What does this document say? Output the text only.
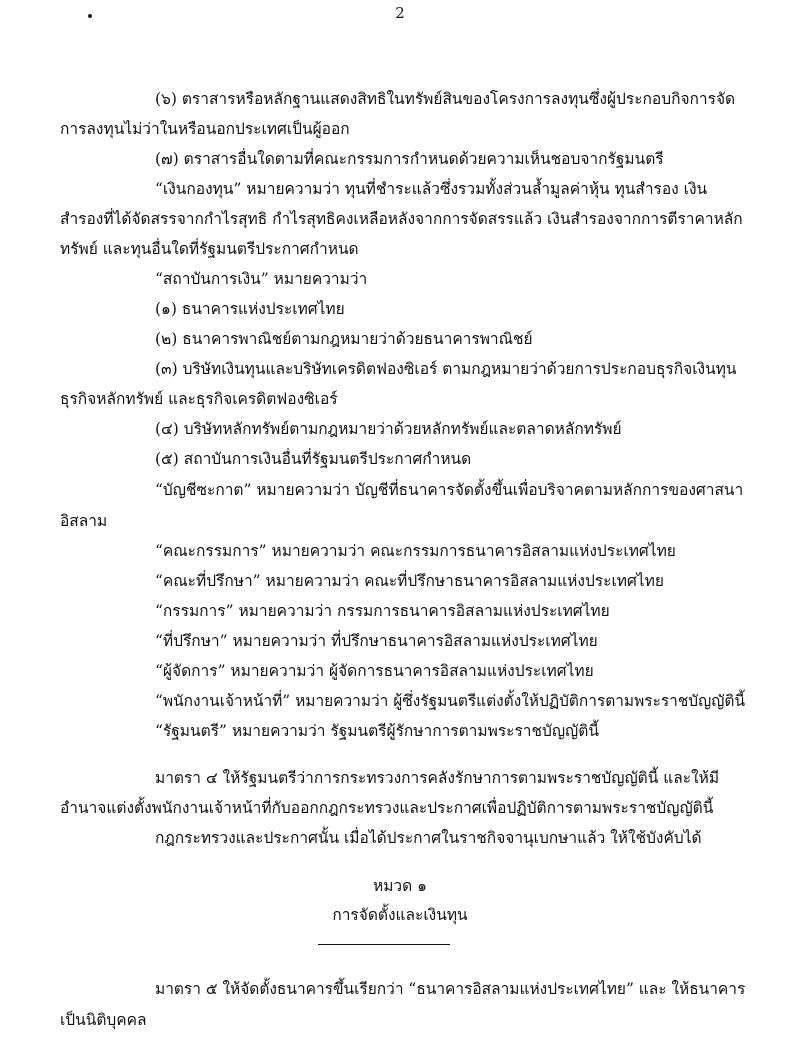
2
(๖) ตราสารหรือหลักฐานแสดงสิทธิในทรัพย์สินของโครงการลงทุนซึ่งผู้ประกอบกิจการจัด
การลงทุนไม่ว่าในหรือนอกประเทศเป็นผู้ออก
(๗) ตราสารอื่นใดตามที่คณะกรรมการกำหนดด้วยความเห็นชอบจากรัฐมนตรี
“เงินกองทุน” หมายความว่า ทุนที่ชำระแล้วซึ่งรวมทั้งส่วนล้ำมูลค่าหุ้น ทุนสำรอง เงิน
สำรองที่ได้จัดสรรจากกำไรสุทธิ กำไรสุทธิคงเหลือหลังจากการจัดสรรแล้ว เงินสำรองจากการตีราคาหลัก
ทรัพย์ และทุนอื่นใดที่รัฐมนตรีประกาศกำหนด
“สถาบันการเงิน” หมายความว่า
(๑) ธนาคารแห่งประเทศไทย
(๒) ธนาคารพาณิชย์ตามกฎหมายว่าด้วยธนาคารพาณิชย์
(๓) บริษัทเงินทุนและบริษัทเครดิตฟองซิเอร์ ตามกฎหมายว่าด้วยการประกอบธุรกิจเงินทุน
ธุรกิจหลักทรัพย์ และธุรกิจเครดิตฟองซิเอร์
(๔) บริษัทหลักทรัพย์ตามกฎหมายว่าด้วยหลักทรัพย์และตลาดหลักทรัพย์
(๕) สถาบันการเงินอื่นที่รัฐมนตรีประกาศกำหนด
“บัญชีซะกาต” หมายความว่า บัญชีที่ธนาคารจัดตั้งขึ้นเพื่อบริจาคตามหลักการของศาสนา
อิสลาม
“คณะกรรมการ” หมายความว่า คณะกรรมการธนาคารอิสลามแห่งประเทศไทย
“คณะที่ปรึกษา” หมายความว่า คณะที่ปรึกษาธนาคารอิสลามแห่งประเทศไทย
“กรรมการ” หมายความว่า กรรมการธนาคารอิสลามแห่งประเทศไทย
“ที่ปรึกษา” หมายความว่า ที่ปรึกษาธนาคารอิสลามแห่งประเทศไทย
“ผู้จัดการ” หมายความว่า ผู้จัดการธนาคารอิสลามแห่งประเทศไทย
“พนักงานเจ้าหน้าที่” หมายความว่า ผู้ซึ่งรัฐมนตรีแต่งตั้งให้ปฏิบัติการตามพระราชบัญญัตินี้
“รัฐมนตรี” หมายความว่า รัฐมนตรีผู้รักษาการตามพระราชบัญญัตินี้
มาตรา ๔ ให้รัฐมนตรีว่าการกระทรวงการคลังรักษาการตามพระราชบัญญัตินี้ และให้มี
อำนาจแต่งตั้งพนักงานเจ้าหน้าที่กับออกกฎกระทรวงและประกาศเพื่อปฏิบัติการตามพระราชบัญญัตินี้
กฎกระทรวงและประกาศนั้น เมื่อได้ประกาศในราชกิจจานุเบกษาแล้ว ให้ใช้บังคับได้
หมวด ๑
การจัดตั้งและเงินทุน
มาตรา ๕ ให้จัดตั้งธนาคารขึ้นเรียกว่า “ธนาคารอิสลามแห่งประเทศไทย” และ ให้ธนาคาร
เป็นนิติบุคคล
